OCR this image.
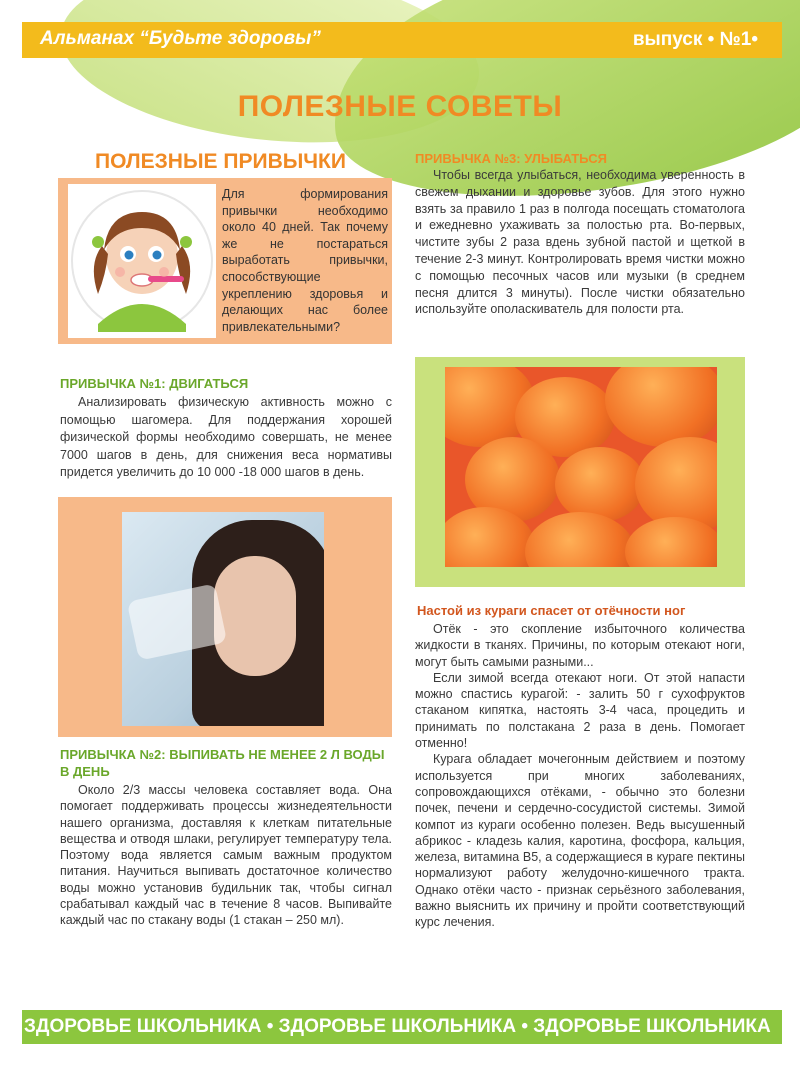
Альманах “Будьте здоровы”	выпуск • №1•
ПОЛЕЗНЫЕ СОВЕТЫ
ПОЛЕЗНЫЕ ПРИВЫЧКИ
Для формирования привычки необходимо около 40 дней. Так почему же не постараться выработать привычки, способствующие укреплению здоровья и делающих нас более привлекательными?
ПРИВЫЧКА №1: ДВИГАТЬСЯ
Анализировать физическую активность можно с помощью шагомера. Для поддержания хорошей физической формы необходимо совершать, не менее 7000 шагов в день, для снижения веса нормативы придется увеличить до 10 000 -18 000 шагов в день.
ПРИВЫЧКА №2: ВЫПИВАТЬ НЕ МЕНЕЕ 2 Л ВОДЫ В ДЕНЬ
Около 2/3 массы человека составляет вода. Она помогает поддерживать процессы жизнедеятельности нашего организма, доставляя к клеткам питательные вещества и отводя шлаки, регулирует температуру тела. Поэтому вода является самым важным продуктом питания. Научиться выпивать достаточное количество воды можно установив будильник так, чтобы сигнал срабатывал каждый час в течение 8 часов. Выпивайте каждый час по стакану воды (1 стакан – 250 мл).
ПРИВЫЧКА №3: УЛЫБАТЬСЯ
Чтобы всегда улыбаться, необходима уверенность в свежем дыхании и здоровье зубов. Для этого нужно взять за правило 1 раз в полгода посещать стоматолога и ежедневно ухаживать за полостью рта. Во-первых, чистите зубы 2 раза вдень зубной пастой и щеткой в течение 2-3 минут. Контролировать время чистки можно с помощью песочных часов или музыки (в среднем песня длится 3 минуты). После чистки обязательно используйте ополаскиватель для полости рта.
Настой из кураги спасет от отёчности ног

Отёк - это скопление избыточного количества жидкости в тканях. Причины, по которым отекают ноги, могут быть самыми разными...

Если зимой всегда отекают ноги. От этой напасти можно спастись курагой: - залить 50 г сухофруктов стаканом кипятка, настоять 3-4 часа, процедить и принимать по полстакана 2 раза в день. Помогает отменно!

Курага обладает мочегонным действием и поэтому используется при многих заболеваниях, сопровождающихся отёками, - обычно это болезни почек, печени и сердечно-сосудистой системы. Зимой компот из кураги особенно полезен. Ведь высушенный абрикос - кладезь калия, каротина, фосфора, кальция, железа, витамина B5, а содержащиеся в кураге пектины нормализуют работу желудочно-кишечного тракта. Однако отёки часто - признак серьёзного заболевания, важно выяснить их причину и пройти соответствующий курс лечения.

ЗДОРОВЬЕ ШКОЛЬНИКА • ЗДОРОВЬЕ ШКОЛЬНИКА • ЗДОРОВЬЕ ШКОЛЬНИКА
